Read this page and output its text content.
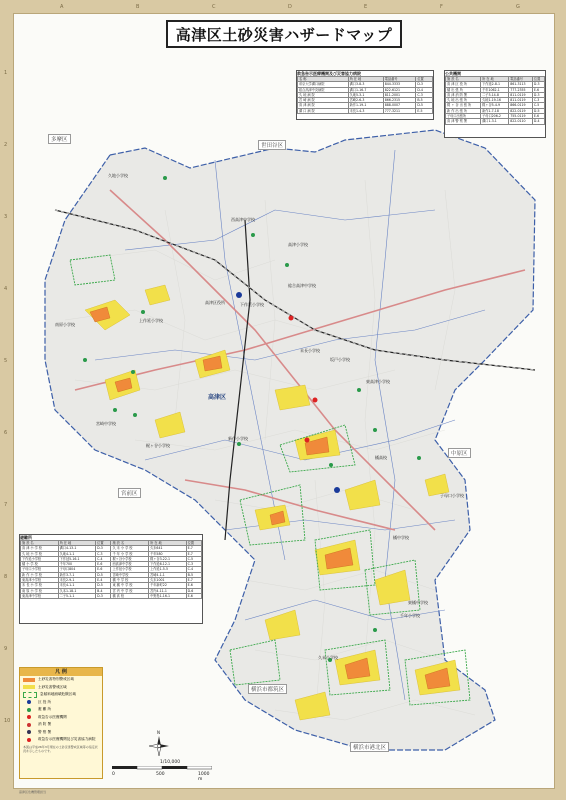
高津区土砂災害ハザードマップ
A	B	C	D	E	F	G
1
2
3
4
5
6
7
8
9
10
多摩区
世田谷区
宮前区
中原区
横浜市都筑区
横浜市港北区
高津区
久地小学校
西高津中学校
高津小学校
高津区役所
上作延小学校
南原小学校
宮崎中学校
梶ヶ谷小学校
末長小学校
東高津小学校
新作小学校
橘高校
子母口小学校
橘中学校
東橘中学校
久末小学校
千年小学校
総合高津中学校
下作延小学校
坂戸小学校
救急告示医療機関及び災害協力病院
名 称	所 在 地	電話番号	位置
帝京大学溝口病院	溝口3-8-3	844-3333	D-3
総合高津中央病院	溝口1-16-7	822-6121	D-4
久 地 病 院	久地5-3-1	811-2001	C-3
宮 崎 病 院	宮崎2-6-3	866-2315	B-5
高 津 病 院	新作1-19-1	888-0007	D-5
溝 口 病 院	末長1-4-3	777-3211	E-5
公共機関
施 設 名	所 在 地	電話番号	位置
高 津 区 役 所	下作延2-8-1	861-3113	D-3
橘 出 張 所	千年1062-1	777-2355	E-6
高 津 消 防 署	二子3-14-8	811-0119	D-3
久 地 出 張 所	久地1-19-16	811-0119	C-3
梶 ヶ 谷 出 張 所	梶ヶ谷5-4-9	866-0119	C-5
新 作 出 張 所	新作1-7-18	822-0119	D-5
子母口出張所	子母口206-2	755-0119	E-6
高 津 警 察 署	溝口1-3-1	822-0110	D-4
避難所
施 設 名	所 在 地	位置	施 設 名	所 在 地	位置
高 津 小 学 校	溝口4-13-1	D-3	久 末 小 学 校	久末641	E-7
久 地 小 学 校	久地4-1-1	C-3	千 年 小 学 校	千年580	E-7
下作延小学校	下作延5-16-1	C-4	梶ヶ谷小学校	梶ヶ谷3-22-1	C-5
橘 小 学 校	千年700	E-6	西高津中学校	下作延6-12-1	C-3
子母口小学校	子母口804	E-6	上作延小学校	上作延1-5-5	C-4
新 作 小 学 校	新作3-7-1	D-5	宮崎中学校	宮崎4-1-1	B-5
東高津小学校	末長2-9-1	E-4	橘 中 学 校	久末1001	E-7
末 長 小 学 校	末長4-1-1	D-5	東 橘 中 学 校	千年新町22	E-6
南 原 小 学 校	久本1-18-1	B-4	宮 内 中 学 校	宮内4-11-1	D-6
東高津中学校	二子5-1-1	D-3	橘 高 校	中野島1-16-1	E-6
凡 例
土砂災害特別警戒区域
土砂災害警戒区域
急傾斜地崩壊危険区域
区 役 所
避 難 所
救急告示医療機関
消 防 署
警 察 署
救急告示医療機関及び災害協力病院
本図は平成26年3月現在の土砂災害警戒区域等の指定状況を示したものです。
N
1/10,000
0	500	1000 m
高津区危機管理担当
